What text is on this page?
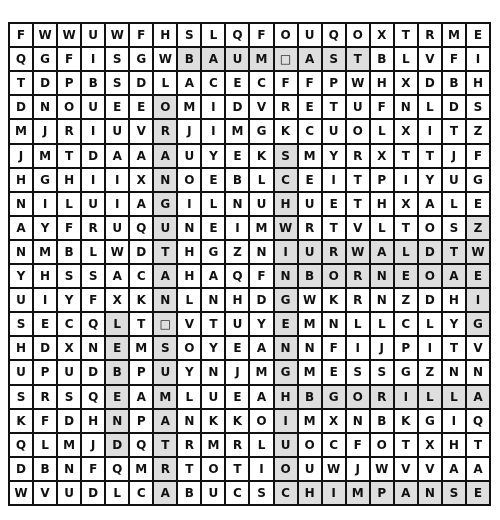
F	W W	U	W	F	H	S	L	Q	F	O	U	Q	O	X	T	R	M	E
Q	G	F	I	S	G	W	B	A	U	M	□	A	S	T	B	L	V	F	I
T	D	P	B	S	D	L	A	C	E	C	F	F	P	W	H	X	D	B	H
D	N	O	U	E	E	O	M	I	D	V	R	E	T	U	F	N	L	D	S
M	J	R	I	U	V	R	J	I	M	G	K	C	U	O	L	X	I	T	Z
J	M	T	D	A	A	A	U	Y	E	K	S	M	Y	R	X	T	T	J	F
H	G	H	I	I	X	N	O	E	B	L	C	E	I	T	P	I	Y	U	G
N	I	L	U	I	A	G	I	L	N	U	H	U	E	T	H	X	A	L	E
A	Y	F	R	U	Q	U	N	E	I	M W	R	T	V	L	T	O	S	Z
N	M	B	L	W	D	T	H	G	Z	N	I	U	R	W	A	L	D	T	W
Y	H	S	S	A	C	A	H	A	Q	F	N	B	O	R	N	E	O	A	E
U	I	Y	F	X	K	N	L	N	H	D	G	W	K	R	N	Z	D	H	I
S	E	C	Q	L	T	□	V	T	U	Y	E	M	N	L	L	C	L	Y	G
H	D	X	N	E	M	S	O	Y	E	A	N	N	F	I	J	P	I	T	V
U	P	U	D	B	P	U	Y	N	J	M	G	M	E	S	S	G	Z	N	N
S	R	S	Q	E	A	M	L	U	E	A	H	B	G	O	R	I	L	L	A
K	F	D	H	N	P	A	N	K	K	O	I	M	X	N	B	K	G	I	Q
Q	L	M	J	D	Q	T	R	M	R	L	U	O	C	F	O	T	X	H	T
D	B	N	F	Q	M	R	T	O	T	I	O	U	W	J	W	V	V	A	A
W	V	U	D	L	C	A	B	U	C	S	C	H	I	M	P	A	N	S	E
